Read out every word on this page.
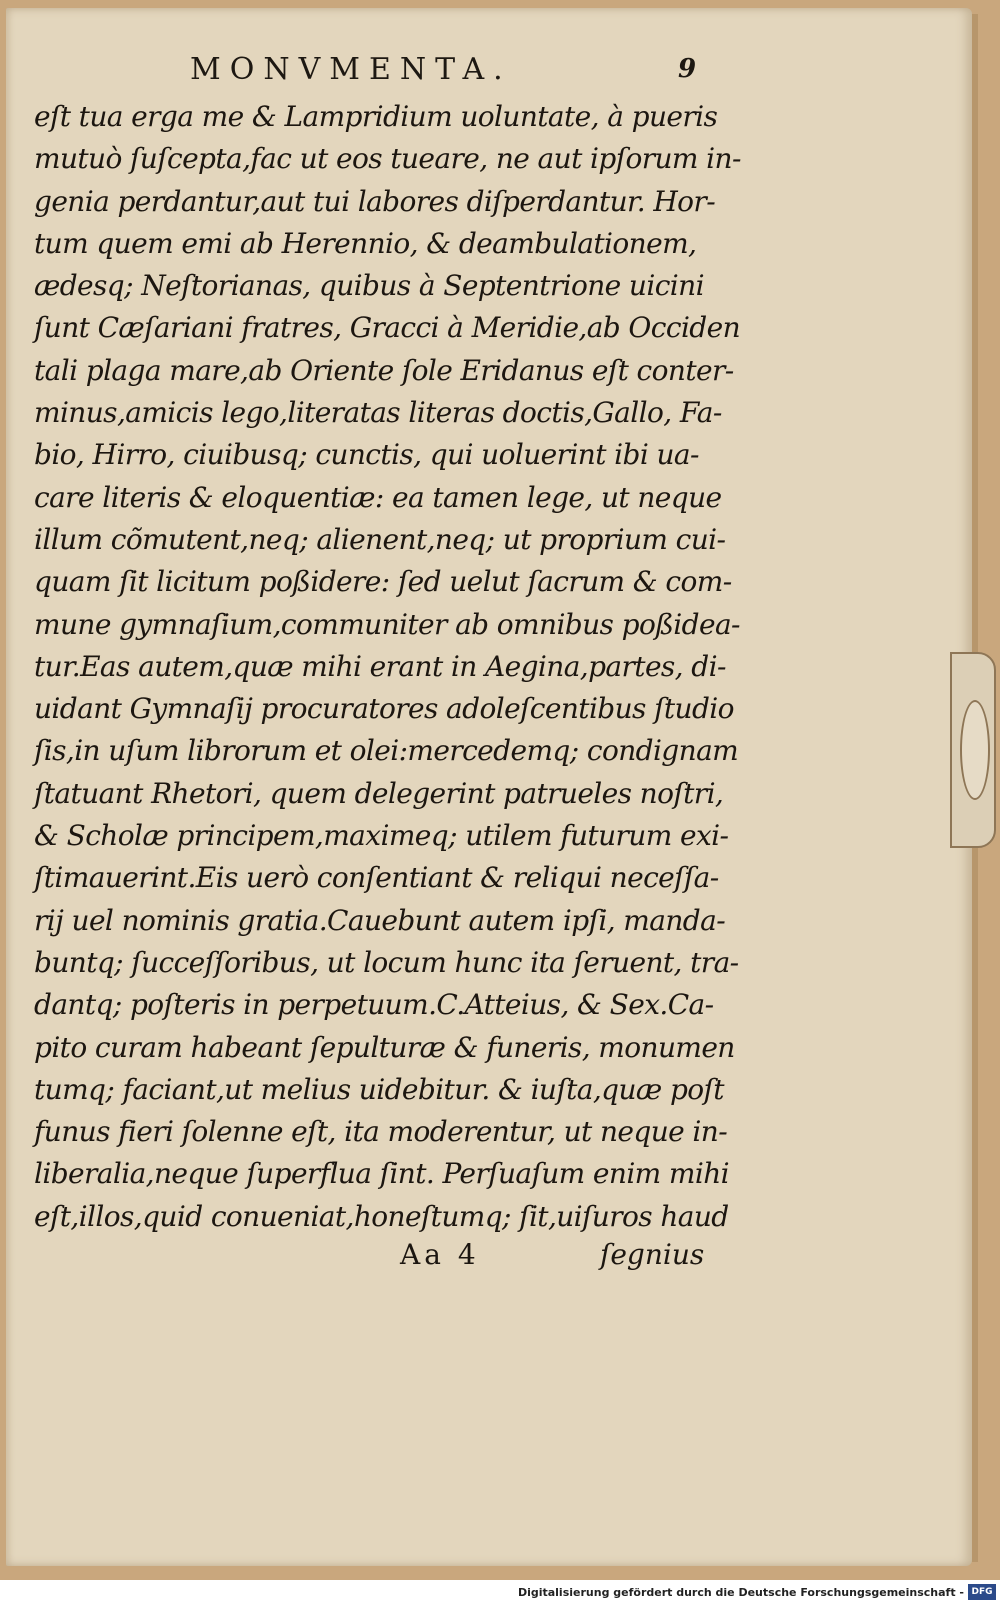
MONVMENTA.	9
eſt tua erga me & Lampridium uoluntate, à pueris
mutuò ſuſcepta,fac ut eos tueare, ne aut ipſorum in-
genia perdantur,aut tui labores diſperdantur. Hor-
tum quem emi ab Herennio, & deambulationem,
ædesq; Neſtorianas, quibus à Septentrione uicini
ſunt Cæſariani fratres, Gracci à Meridie,ab Occiden
tali plaga mare,ab Oriente ſole Eridanus eſt conter-
minus,amicis lego,literatas literas doctis,Gallo, Fa-
bio, Hirro, ciuibusq; cunctis, qui uoluerint ibi ua-
care literis & eloquentiæ: ea tamen lege, ut neque
illum cõmutent,neq; alienent,neq; ut proprium cui-
quam ſit licitum poßidere: ſed uelut ſacrum & com-
mune gymnaſium,communiter ab omnibus poßidea-
tur.Eas autem,quæ mihi erant in Aegina,partes, di-
uidant Gymnaſij procuratores adoleſcentibus ſtudio
ſis,in uſum librorum et olei:mercedemq; condignam
ſtatuant Rhetori, quem delegerint patrueles noſtri,
& Scholæ principem,maximeq; utilem futurum exi-
ſtimauerint.Eis uerò conſentiant & reliqui neceſſa-
rij uel nominis gratia.Cauebunt autem ipſi, manda-
buntq; ſucceſſoribus, ut locum hunc ita ſeruent, tra-
dantq; poſteris in perpetuum.C.Atteius, & Sex.Ca-
pito curam habeant ſepulturæ & funeris, monumen
tumq; faciant,ut melius uidebitur. & iuſta,quæ poſt
funus fieri ſolenne eſt, ita moderentur, ut neque in-
liberalia,neque ſuperflua ſint. Perſuaſum enim mihi
eſt,illos,quid conueniat,honeſtumq; ſit,uiſuros haud
Aa 4	ſegnius
Digitalisierung gefördert durch die Deutsche Forschungsgemeinschaft - DFG
